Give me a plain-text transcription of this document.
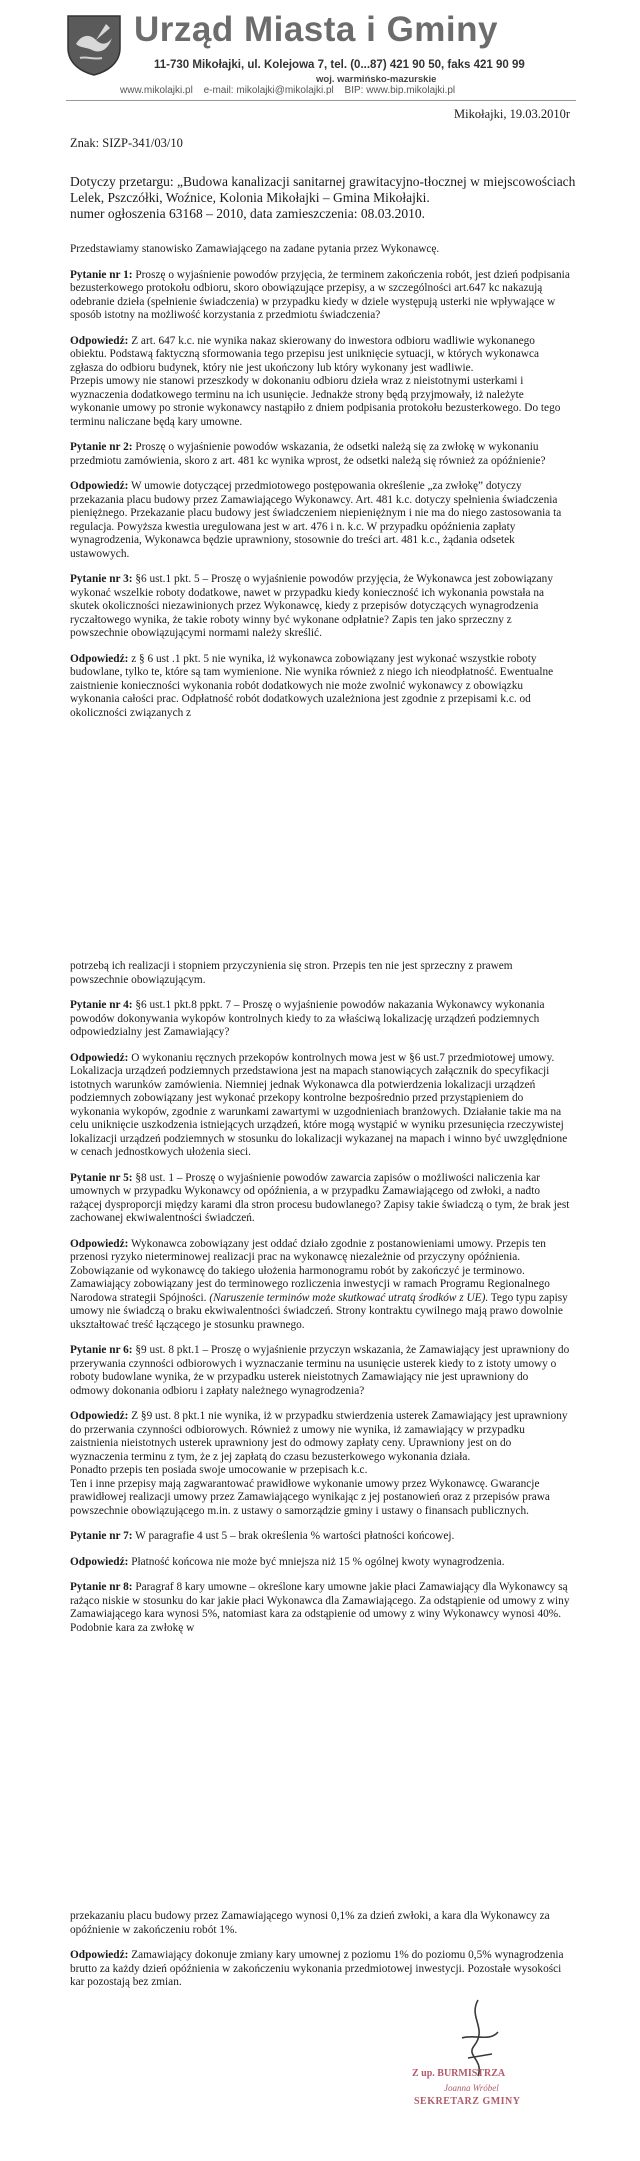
Urząd Miasta i Gminy
11-730 Mikołajki, ul. Kolejowa 7, tel. (0...87) 421 90 50, faks 421 90 99
woj. warmińsko-mazurskie
www.mikolajki.pl e-mail: mikolajki@mikolajki.pl BIP: www.bip.mikolajki.pl
Mikołajki, 19.03.2010r
Znak: SIZP-341/03/10

Dotyczy przetargu: „Budowa kanalizacji sanitarnej grawitacyjno-tłocznej w miejscowościach Lelek, Pszczółki, Woźnice, Kolonia Mikołajki – Gmina Mikołajki.

numer ogłoszenia 63168 – 2010, data zamieszczenia: 08.03.2010.

Przedstawiamy stanowisko Zamawiającego na zadane pytania przez Wykonawcę.

Pytanie nr 1: Proszę o wyjaśnienie powodów przyjęcia, że terminem zakończenia robót, jest dzień podpisania bezusterkowego protokołu odbioru, skoro obowiązujące przepisy, a w szczególności art.647 kc nakazują odebranie dzieła (spełnienie świadczenia) w przypadku kiedy w dziele występują usterki nie wpływające w sposób istotny na możliwość korzystania z przedmiotu świadczenia?

Odpowiedź: Z art. 647 k.c. nie wynika nakaz skierowany do inwestora odbioru wadliwie wykonanego obiektu. Podstawą faktyczną sformowania tego przepisu jest uniknięcie sytuacji, w których wykonawca zgłasza do odbioru budynek, który nie jest ukończony lub który wykonany jest wadliwie.

Przepis umowy nie stanowi przeszkody w dokonaniu odbioru dzieła wraz z nieistotnymi usterkami i wyznaczenia dodatkowego terminu na ich usunięcie. Jednakże strony będą przyjmowały, iż należyte wykonanie umowy po stronie wykonawcy nastąpiło z dniem podpisania protokołu bezusterkowego. Do tego terminu naliczane będą kary umowne.

Pytanie nr 2: Proszę o wyjaśnienie powodów wskazania, że odsetki należą się za zwłokę w wykonaniu przedmiotu zamówienia, skoro z art. 481 kc wynika wprost, że odsetki należą się również za opóźnienie?

Odpowiedź: W umowie dotyczącej przedmiotowego postępowania określenie „za zwłokę” dotyczy przekazania placu budowy przez Zamawiającego Wykonawcy. Art. 481 k.c. dotyczy spełnienia świadczenia pieniężnego. Przekazanie placu budowy jest świadczeniem niepieniężnym i nie ma do niego zastosowania ta regulacja. Powyższa kwestia uregulowana jest w art. 476 i n. k.c. W przypadku opóźnienia zapłaty wynagrodzenia, Wykonawca będzie uprawniony, stosownie do treści art. 481 k.c., żądania odsetek ustawowych.

Pytanie nr 3: §6 ust.1 pkt. 5 – Proszę o wyjaśnienie powodów przyjęcia, że Wykonawca jest zobowiązany wykonać wszelkie roboty dodatkowe, nawet w przypadku kiedy konieczność ich wykonania powstała na skutek okoliczności niezawinionych przez Wykonawcę, kiedy z przepisów dotyczących wynagrodzenia ryczałtowego wynika, że takie roboty winny być wykonane odpłatnie? Zapis ten jako sprzeczny z powszechnie obowiązującymi normami należy skreślić.

Odpowiedź: z § 6 ust .1 pkt. 5 nie wynika, iż wykonawca zobowiązany jest wykonać wszystkie roboty budowlane, tylko te, które są tam wymienione. Nie wynika również z niego ich nieodpłatność. Ewentualne zaistnienie konieczności wykonania robót dodatkowych nie może zwolnić wykonawcy z obowiązku wykonania całości prac. Odpłatność robót dodatkowych uzależniona jest zgodnie z przepisami k.c. od okoliczności związanych z

potrzebą ich realizacji i stopniem przyczynienia się stron. Przepis ten nie jest sprzeczny z prawem powszechnie obowiązującym.

Pytanie nr 4: §6 ust.1 pkt.8 ppkt. 7 – Proszę o wyjaśnienie powodów nakazania Wykonawcy wykonania powodów dokonywania wykopów kontrolnych kiedy to za właściwą lokalizację urządzeń podziemnych odpowiedzialny jest Zamawiający?

Odpowiedź: O wykonaniu ręcznych przekopów kontrolnych mowa jest w §6 ust.7 przedmiotowej umowy. Lokalizacja urządzeń podziemnych przedstawiona jest na mapach stanowiących załącznik do specyfikacji istotnych warunków zamówienia. Niemniej jednak Wykonawca dla potwierdzenia lokalizacji urządzeń podziemnych zobowiązany jest wykonać przekopy kontrolne bezpośrednio przed przystąpieniem do wykonania wykopów, zgodnie z warunkami zawartymi w uzgodnieniach branżowych. Działanie takie ma na celu uniknięcie uszkodzenia istniejących urządzeń, które mogą wystąpić w wyniku przesunięcia rzeczywistej lokalizacji urządzeń podziemnych w stosunku do lokalizacji wykazanej na mapach i winno być uwzględnione w cenach jednostkowych ułożenia sieci.

Pytanie nr 5: §8 ust. 1 – Proszę o wyjaśnienie powodów zawarcia zapisów o możliwości naliczenia kar umownych w przypadku Wykonawcy od opóźnienia, a w przypadku Zamawiającego od zwłoki, a nadto rażącej dysproporcji między karami dla stron procesu budowlanego? Zapisy takie świadczą o tym, że brak jest zachowanej ekwiwalentności świadczeń.

Odpowiedź: Wykonawca zobowiązany jest oddać działo zgodnie z postanowieniami umowy. Przepis ten przenosi ryzyko nieterminowej realizacji prac na wykonawcę niezależnie od przyczyny opóźnienia. Zobowiązanie od wykonawcę do takiego ułożenia harmonogramu robót by zakończyć je terminowo. Zamawiający zobowiązany jest do terminowego rozliczenia inwestycji w ramach Programu Regionalnego Narodowa strategii Spójności. (Naruszenie terminów może skutkować utratą środków z UE). Tego typu zapisy umowy nie świadczą o braku ekwiwalentności świadczeń. Strony kontraktu cywilnego mają prawo dowolnie ukształtować treść łączącego je stosunku prawnego.

Pytanie nr 6: §9 ust. 8 pkt.1 – Proszę o wyjaśnienie przyczyn wskazania, że Zamawiający jest uprawniony do przerywania czynności odbiorowych i wyznaczanie terminu na usunięcie usterek kiedy to z istoty umowy o roboty budowlane wynika, że w przypadku usterek nieistotnych Zamawiający nie jest uprawniony do odmowy dokonania odbioru i zapłaty należnego wynagrodzenia?

Odpowiedź: Z §9 ust. 8 pkt.1 nie wynika, iż w przypadku stwierdzenia usterek Zamawiający jest uprawniony do przerwania czynności odbiorowych. Również z umowy nie wynika, iż zamawiający w przypadku zaistnienia nieistotnych usterek uprawniony jest do odmowy zapłaty ceny. Uprawniony jest on do wyznaczenia terminu z tym, że z jej zapłatą do czasu bezusterkowego wykonania działa.

Ponadto przepis ten posiada swoje umocowanie w przepisach k.c.

Ten i inne przepisy mają zagwarantować prawidłowe wykonanie umowy przez Wykonawcę. Gwarancje prawidłowej realizacji umowy przez Zamawiającego wynikając z jej postanowień oraz z przepisów prawa powszechnie obowiązującego m.in. z ustawy o samorządzie gminy i ustawy o finansach publicznych.

Pytanie nr 7: W paragrafie 4 ust 5 – brak określenia % wartości płatności końcowej.

Odpowiedź: Płatność końcowa nie może być mniejsza niż 15 % ogólnej kwoty wynagrodzenia.

Pytanie nr 8: Paragraf 8 kary umowne – określone kary umowne jakie płaci Zamawiający dla Wykonawcy są rażąco niskie w stosunku do kar jakie płaci Wykonawca dla Zamawiającego. Za odstąpienie od umowy z winy Zamawiającego kara wynosi 5%, natomiast kara za odstąpienie od umowy z winy Wykonawcy wynosi 40%. Podobnie kara za zwłokę w

przekazaniu placu budowy przez Zamawiającego wynosi 0,1% za dzień zwłoki, a kara dla Wykonawcy za opóźnienie w zakończeniu robót 1%.

Odpowiedź: Zamawiający dokonuje zmiany kary umownej z poziomu 1% do poziomu 0,5% wynagrodzenia brutto za każdy dzień opóźnienia w zakończeniu wykonania przedmiotowej inwestycji. Pozostałe wysokości kar pozostają bez zmian.

Z up. BURMISTRZA
Joanna Wróbel
SEKRETARZ GMINY
